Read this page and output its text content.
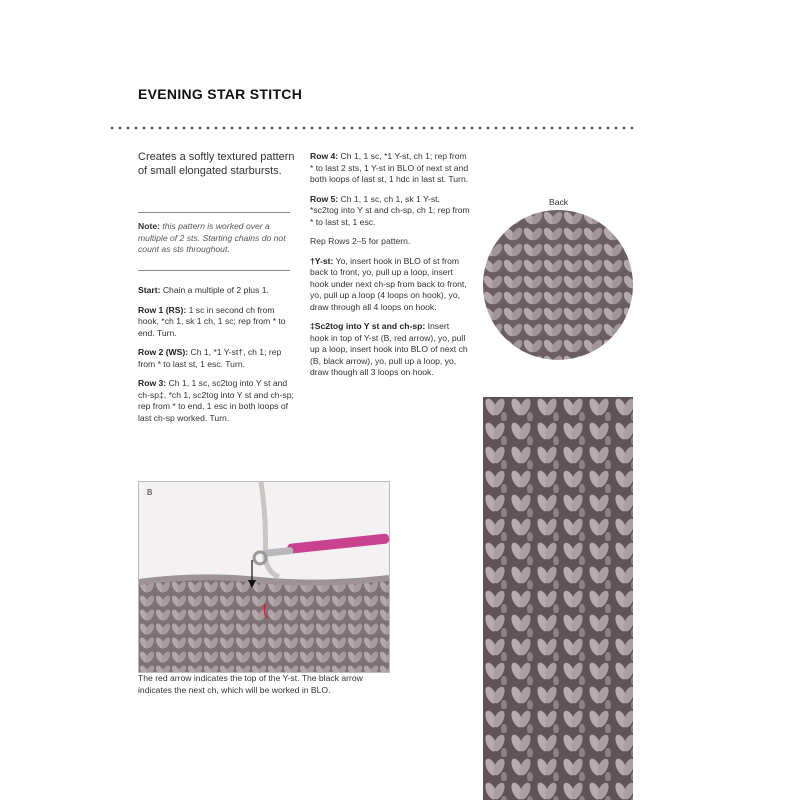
EVENING STAR STITCH
Creates a softly textured pattern of small elongated starbursts.
Note: this pattern is worked over a multiple of 2 sts. Starting chains do not count as sts throughout.

Start: Chain a multiple of 2 plus 1.

Row 1 (RS): 1 sc in second ch from hook, *ch 1, sk 1 ch, 1 sc; rep from * to end. Turn.

Row 2 (WS): Ch 1, *1 Y-st†, ch 1; rep from * to last st, 1 esc. Turn.

Row 3: Ch 1, 1 sc, sc2tog into Y st and ch-sp‡, *ch 1, sc2tog into Y st and ch-sp; rep from * to end, 1 esc in both loops of last ch-sp worked. Turn.

Row 4: Ch 1, 1 sc, *1 Y-st, ch 1; rep from * to last 2 sts, 1 Y-st in BLO of next st and both loops of last st, 1 hdc in last st. Turn.

Row 5: Ch 1, 1 sc, ch 1, sk 1 Y-st, *sc2tog into Y st and ch-sp, ch 1; rep from * to last st, 1 esc.

Rep Rows 2–5 for pattern.

†Y-st: Yo, insert hook in BLO of st from back to front, yo, pull up a loop, insert hook under next ch-sp from back to front, yo, pull up a loop (4 loops on hook), yo, draw through all 4 loops on hook.

‡Sc2tog into Y st and ch-sp: Insert hook in top of Y-st (B, red arrow), yo, pull up a loop, insert hook into BLO of next ch (B, black arrow), yo, pull up a loop, yo, draw though all 3 loops on hook.

B
The red arrow indicates the top of the Y-st. The black arrow indicates the next ch, which will be worked in BLO.
Back
